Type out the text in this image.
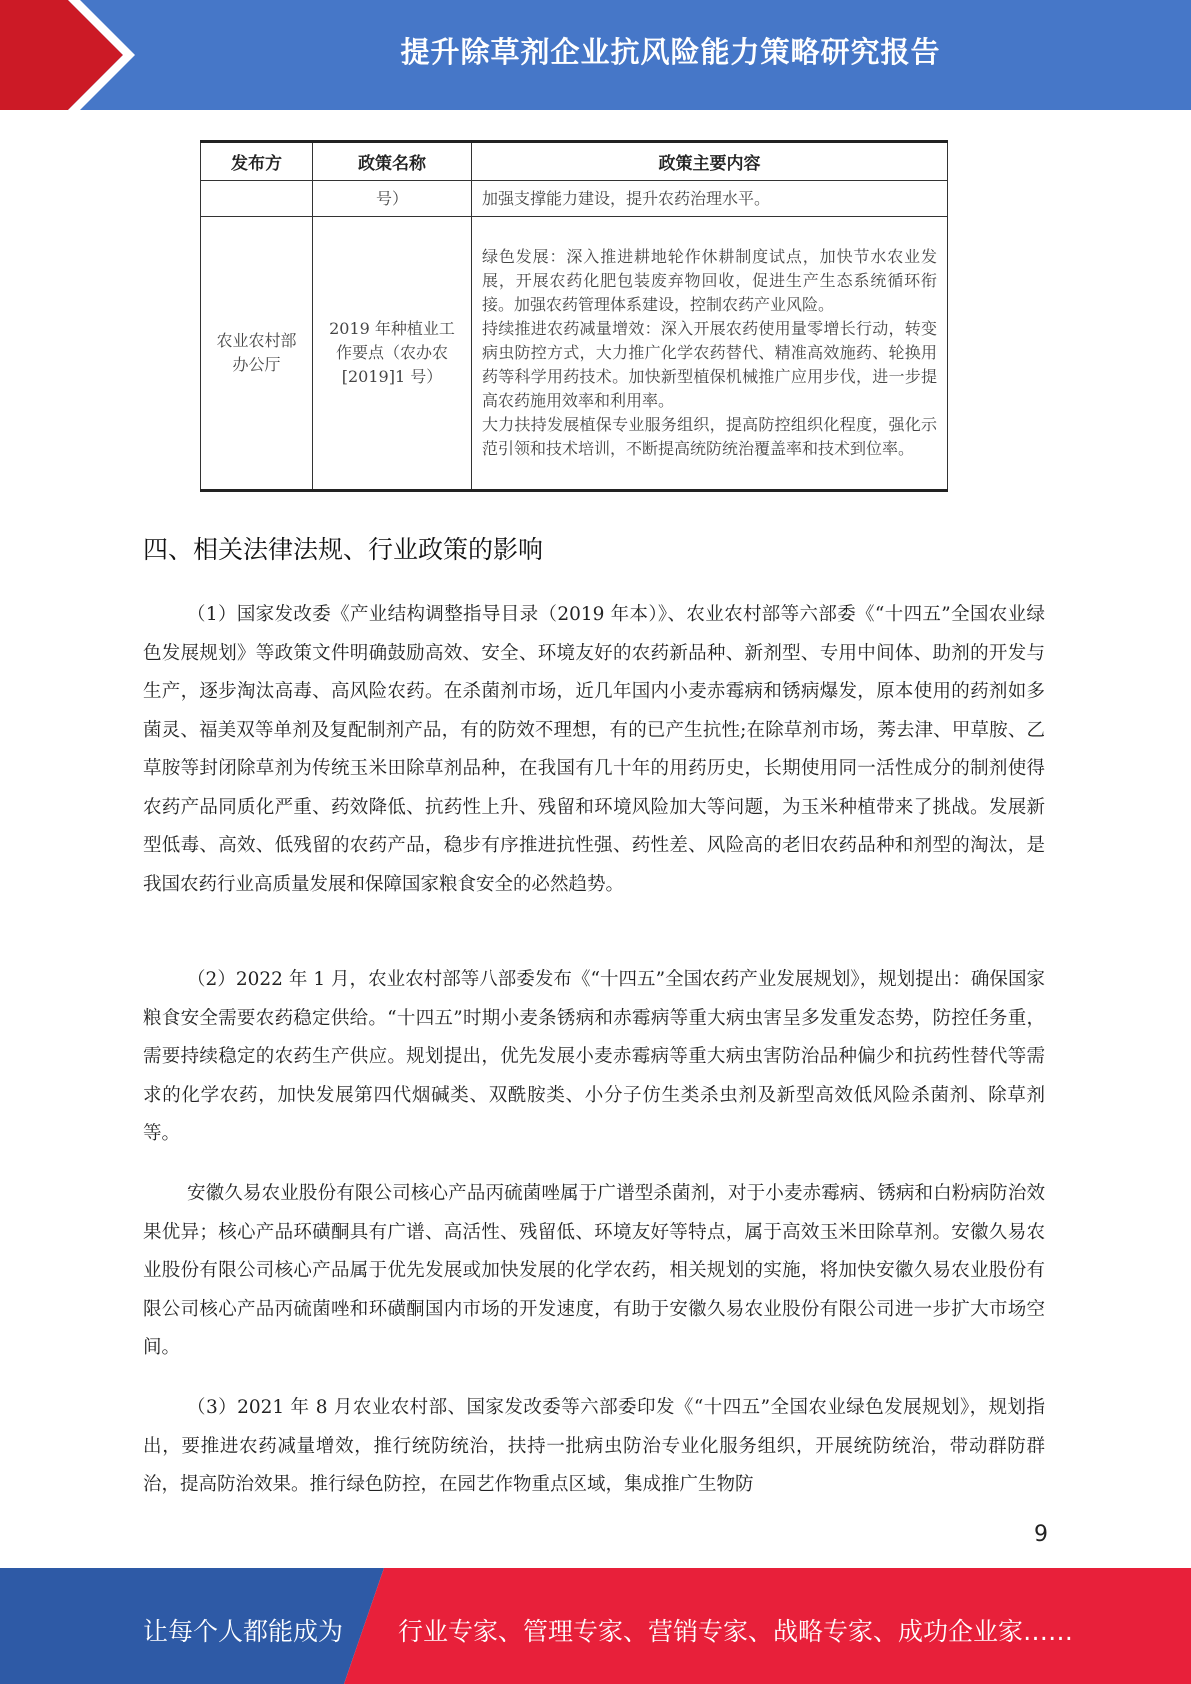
提升除草剂企业抗风险能力策略研究报告
发布方	政策名称	政策主要内容
	号）	加强支撑能力建设，提升农药治理水平。
农业农村部办公厅	2019 年种植业工作要点（农办农[2019]1 号）	绿色发展：深入推进耕地轮作休耕制度试点，加快节水农业发展，开展农药化肥包装废弃物回收，促进生产生态系统循环衔接。加强农药管理体系建设，控制农药产业风险。
持续推进农药减量增效：深入开展农药使用量零增长行动，转变病虫防控方式，大力推广化学农药替代、精准高效施药、轮换用药等科学用药技术。加快新型植保机械推广应用步伐，进一步提高农药施用效率和利用率。
大力扶持发展植保专业服务组织，提高防控组织化程度，强化示范引领和技术培训，不断提高统防统治覆盖率和技术到位率。
四、相关法律法规、行业政策的影响

（1）国家发改委《产业结构调整指导目录（2019 年本）》、农业农村部等六部委《“十四五”全国农业绿色发展规划》等政策文件明确鼓励高效、安全、环境友好的农药新品种、新剂型、专用中间体、助剂的开发与生产，逐步淘汰高毒、高风险农药。在杀菌剂市场，近几年国内小麦赤霉病和锈病爆发，原本使用的药剂如多菌灵、福美双等单剂及复配制剂产品，有的防效不理想，有的已产生抗性;在除草剂市场，莠去津、甲草胺、乙草胺等封闭除草剂为传统玉米田除草剂品种，在我国有几十年的用药历史，长期使用同一活性成分的制剂使得农药产品同质化严重、药效降低、抗药性上升、残留和环境风险加大等问题，为玉米种植带来了挑战。发展新型低毒、高效、低残留的农药产品，稳步有序推进抗性强、药性差、风险高的老旧农药品种和剂型的淘汰，是我国农药行业高质量发展和保障国家粮食安全的必然趋势。

（2）2022 年 1 月，农业农村部等八部委发布《“十四五”全国农药产业发展规划》，规划提出：确保国家粮食安全需要农药稳定供给。“十四五”时期小麦条锈病和赤霉病等重大病虫害呈多发重发态势，防控任务重，需要持续稳定的农药生产供应。规划提出，优先发展小麦赤霉病等重大病虫害防治品种偏少和抗药性替代等需求的化学农药，加快发展第四代烟碱类、双酰胺类、小分子仿生类杀虫剂及新型高效低风险杀菌剂、除草剂等。

安徽久易农业股份有限公司核心产品丙硫菌唑属于广谱型杀菌剂，对于小麦赤霉病、锈病和白粉病防治效果优异；核心产品环磺酮具有广谱、高活性、残留低、环境友好等特点，属于高效玉米田除草剂。安徽久易农业股份有限公司核心产品属于优先发展或加快发展的化学农药，相关规划的实施，将加快安徽久易农业股份有限公司核心产品丙硫菌唑和环磺酮国内市场的开发速度，有助于安徽久易农业股份有限公司进一步扩大市场空间。

（3）2021 年 8 月农业农村部、国家发改委等六部委印发《“十四五”全国农业绿色发展规划》，规划指出，要推进农药减量增效，推行统防统治，扶持一批病虫防治专业化服务组织，开展统防统治，带动群防群治，提高防治效果。推行绿色防控，在园艺作物重点区域，集成推广生物防

9
让每个人都能成为 行业专家、管理专家、营销专家、战略专家、成功企业家……
